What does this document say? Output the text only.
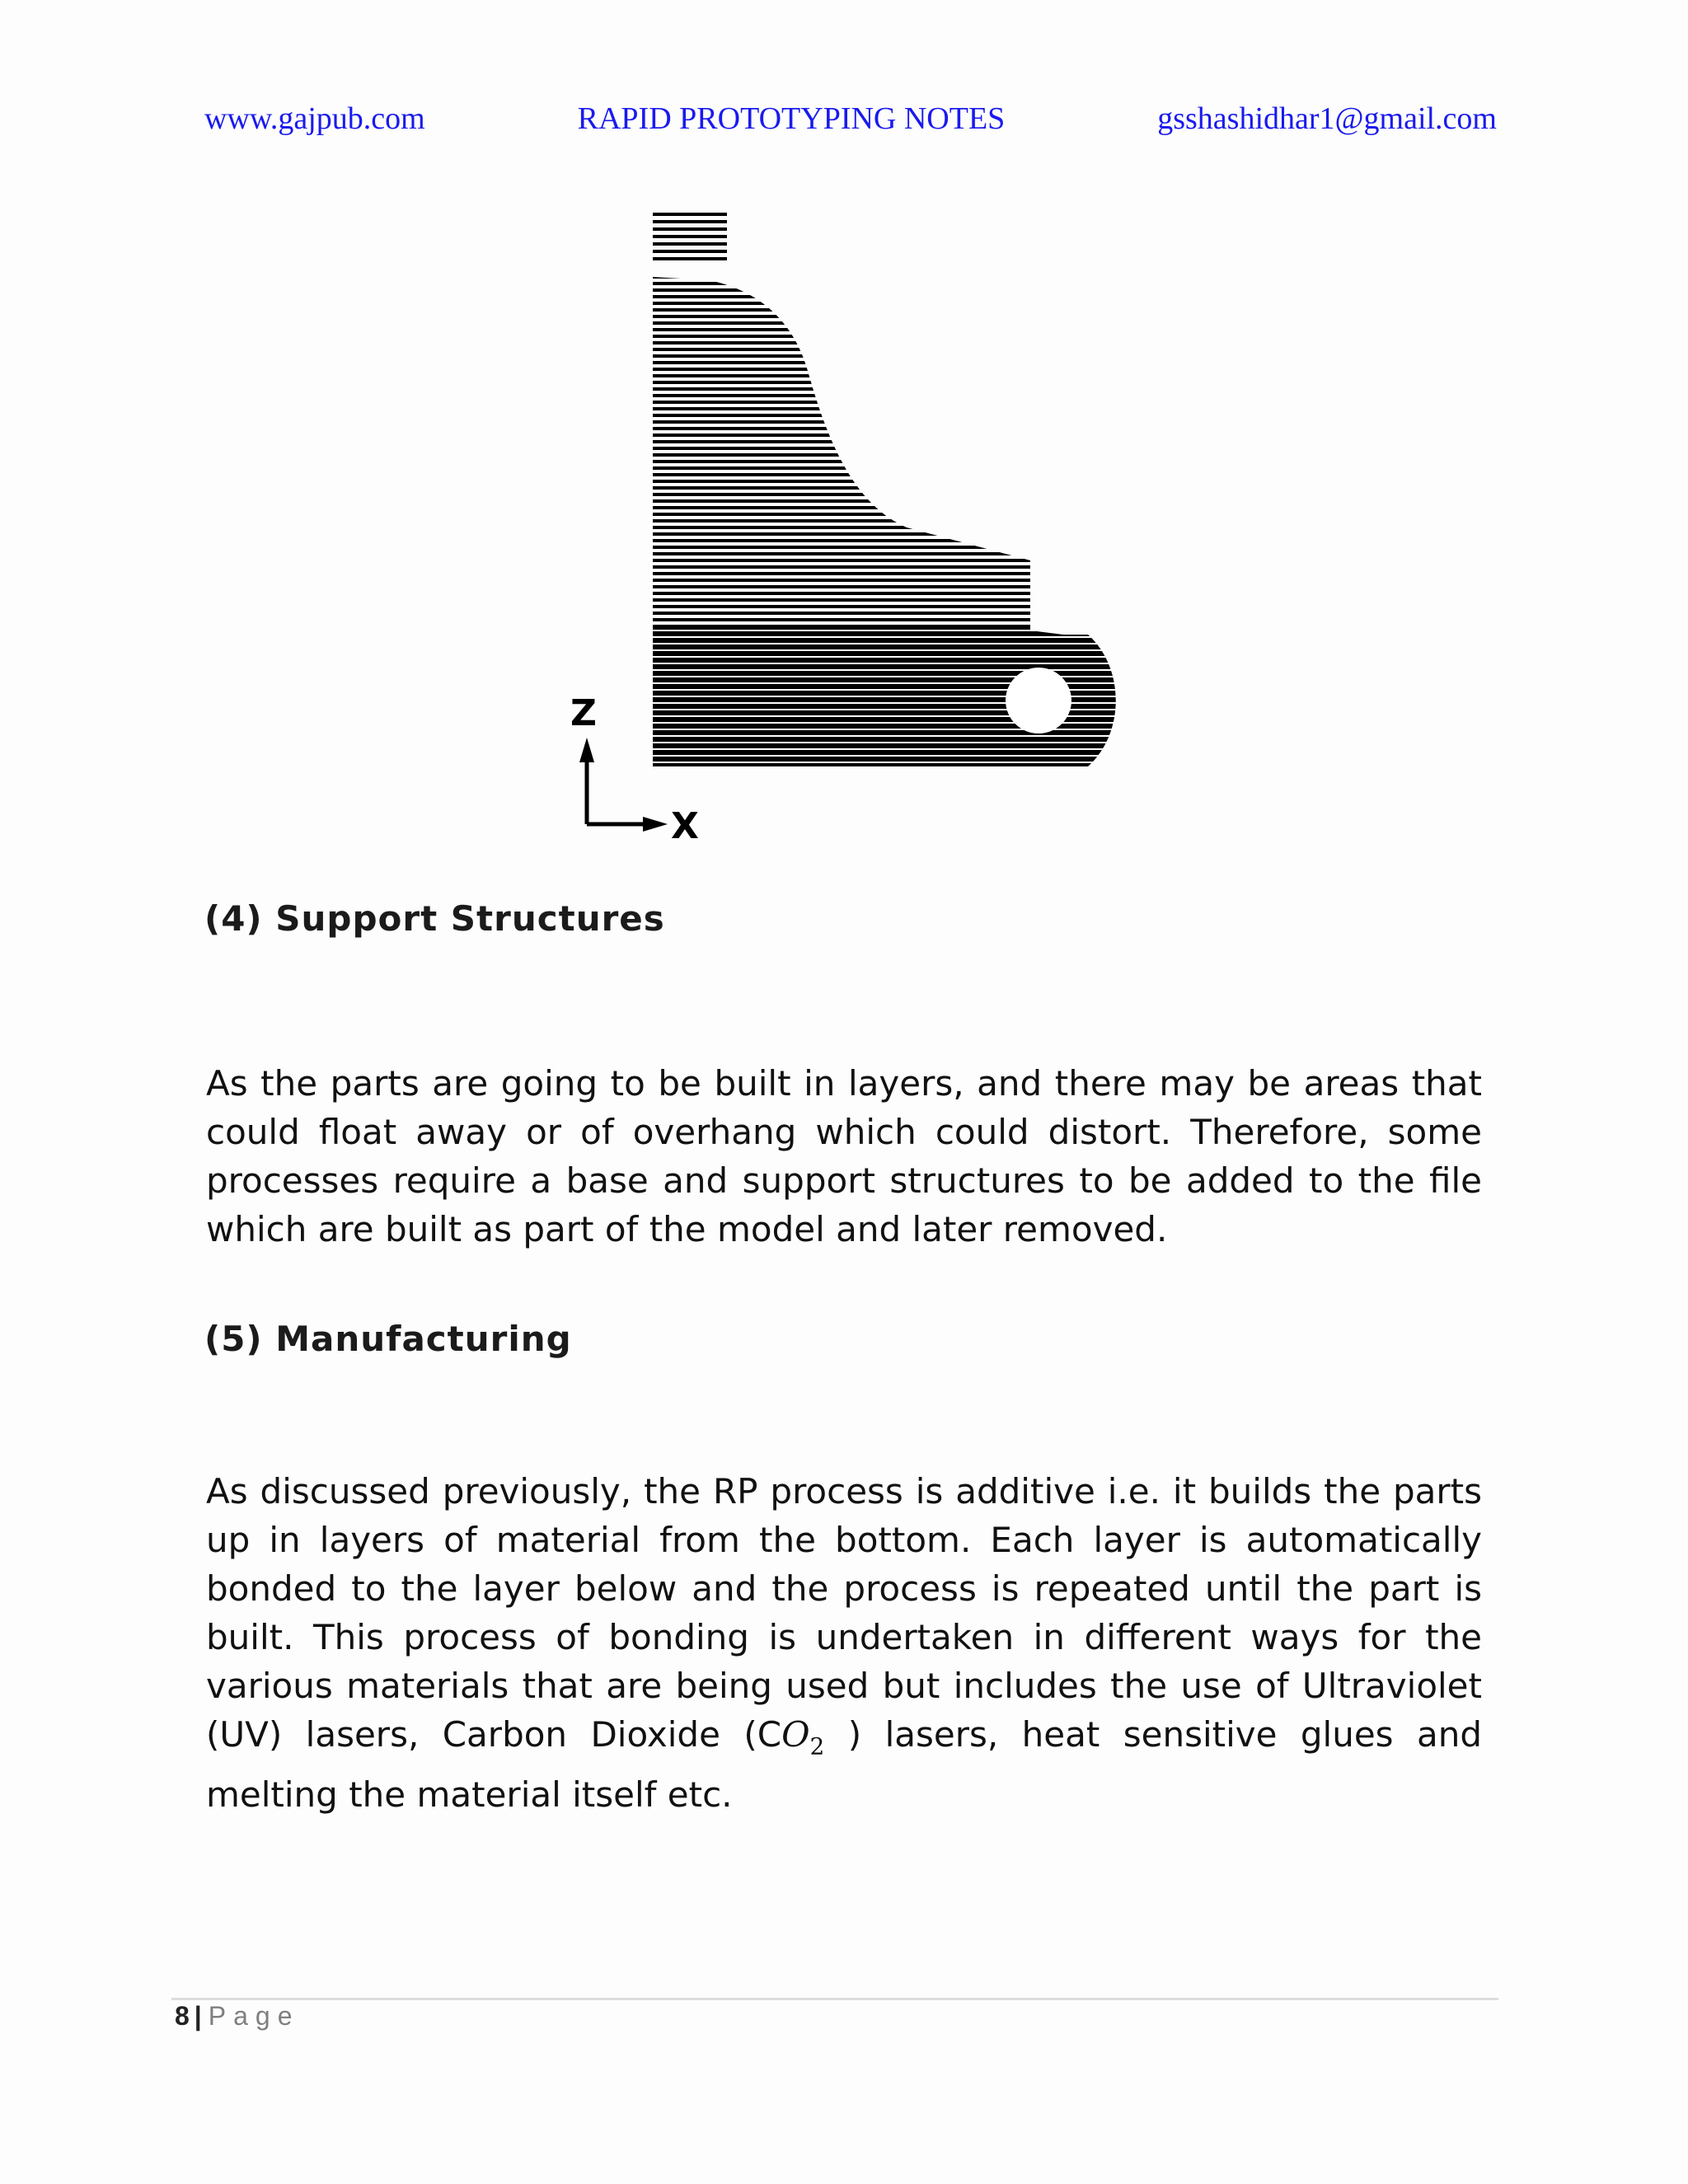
www.gajpub.com	RAPID PROTOTYPING NOTES	gsshashidhar1@gmail.com
Z
X
(4) Support Structures

As the parts are going to be built in layers, and there may be areas that could float away or of overhang which could distort. Therefore, some processes require a base and support structures to be added to the file which are built as part of the model and later removed.

(5) Manufacturing

As discussed previously, the RP process is additive i.e. it builds the parts up in layers of material from the bottom. Each layer is automatically bonded to the layer below and the process is repeated until the part is built. This process of bonding is undertaken in different ways for the various materials that are being used but includes the use of Ultraviolet (UV) lasers, Carbon Dioxide ($CO_2$ ) lasers, heat sensitive glues and melting the material itself etc.

8 | Page
